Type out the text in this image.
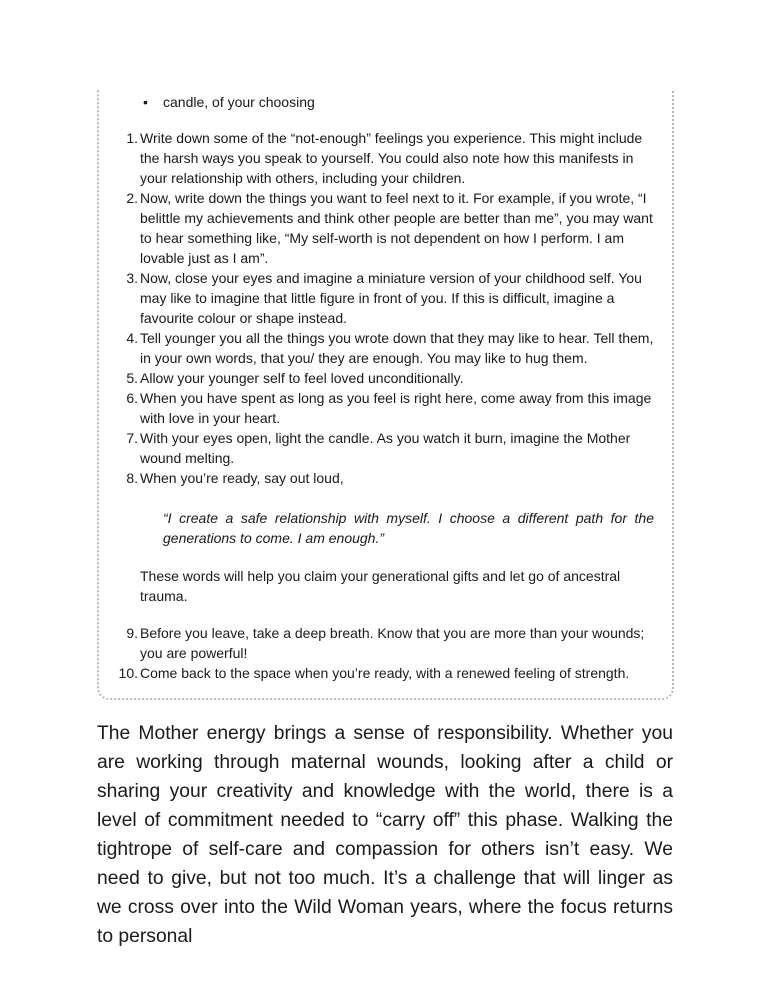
• candle, of your choosing
1. Write down some of the “not-enough” feelings you experience. This might include the harsh ways you speak to yourself. You could also note how this manifests in your relationship with others, including your children.
2. Now, write down the things you want to feel next to it. For example, if you wrote, “I belittle my achievements and think other people are better than me”, you may want to hear something like, “My self-worth is not dependent on how I perform. I am lovable just as I am”.
3. Now, close your eyes and imagine a miniature version of your childhood self. You may like to imagine that little figure in front of you. If this is difficult, imagine a favourite colour or shape instead.
4. Tell younger you all the things you wrote down that they may like to hear. Tell them, in your own words, that you/ they are enough. You may like to hug them.
5. Allow your younger self to feel loved unconditionally.
6. When you have spent as long as you feel is right here, come away from this image with love in your heart.
7. With your eyes open, light the candle. As you watch it burn, imagine the Mother wound melting.
8. When you’re ready, say out loud,
“I create a safe relationship with myself. I choose a different path for the generations to come. I am enough.”
These words will help you claim your generational gifts and let go of ancestral trauma.
9. Before you leave, take a deep breath. Know that you are more than your wounds; you are powerful!
10. Come back to the space when you’re ready, with a renewed feeling of strength.

The Mother energy brings a sense of responsibility. Whether you are working through maternal wounds, looking after a child or sharing your creativity and knowledge with the world, there is a level of commitment needed to “carry off” this phase. Walking the tightrope of self-care and compassion for others isn’t easy. We need to give, but not too much. It’s a challenge that will linger as we cross over into the Wild Woman years, where the focus returns to personal
